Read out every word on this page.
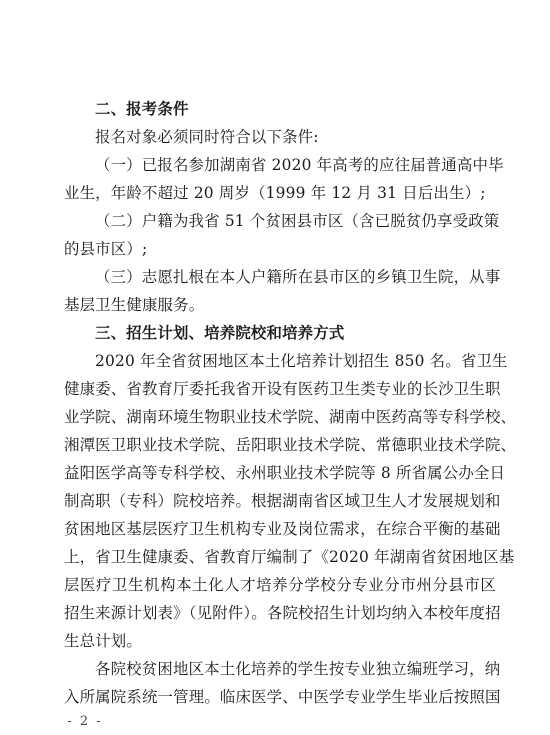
二、报考条件
报名对象必须同时符合以下条件:
（一）已报名参加湖南省 2020 年高考的应往届普通高中毕
业生，年龄不超过 20 周岁（1999 年 12 月 31 日后出生）;
（二）户籍为我省 51 个贫困县市区（含已脱贫仍享受政策
的县市区）;
（三）志愿扎根在本人户籍所在县市区的乡镇卫生院，从事
基层卫生健康服务。
三、招生计划、培养院校和培养方式
2020 年全省贫困地区本土化培养计划招生 850 名。省卫生
健康委、省教育厅委托我省开设有医药卫生类专业的长沙卫生职
业学院、湖南环境生物职业技术学院、湖南中医药高等专科学校、
湘潭医卫职业技术学院、岳阳职业技术学院、常德职业技术学院、
益阳医学高等专科学校、永州职业技术学院等 8 所省属公办全日
制高职（专科）院校培养。根据湖南省区域卫生人才发展规划和
贫困地区基层医疗卫生机构专业及岗位需求，在综合平衡的基础
上，省卫生健康委、省教育厅编制了《2020 年湖南省贫困地区基
层医疗卫生机构本土化人才培养分学校分专业分市州分县市区
招生来源计划表》（见附件）。各院校招生计划均纳入本校年度招
生总计划。
各院校贫困地区本土化培养的学生按专业独立编班学习，纳
入所属院系统一管理。临床医学、中医学专业学生毕业后按照国
- 2 -
